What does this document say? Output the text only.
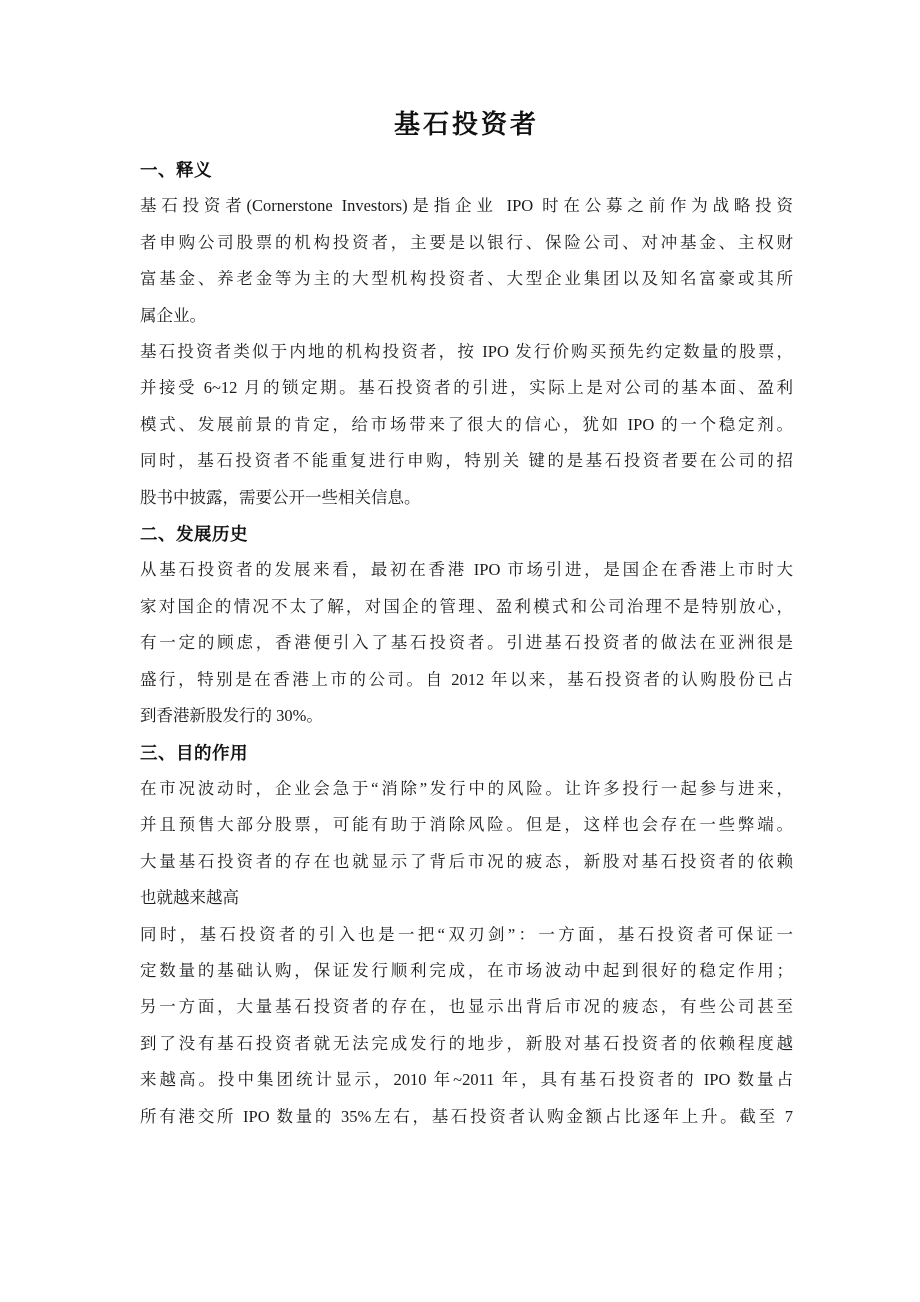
基石投资者
一、释义
基石投资者(Cornerstone Investors)是指企业 IPO 时在公募之前作为战略投资
者申购公司股票的机构投资者，主要是以银行、保险公司、对冲基金、主权财
富基金、养老金等为主的大型机构投资者、大型企业集团以及知名富豪或其所
属企业。
基石投资者类似于内地的机构投资者，按 IPO 发行价购买预先约定数量的股票，
并接受 6~12 月的锁定期。基石投资者的引进，实际上是对公司的基本面、盈利
模式、发展前景的肯定，给市场带来了很大的信心，犹如 IPO 的一个稳定剂。
同时，基石投资者不能重复进行申购，特别关 键的是基石投资者要在公司的招
股书中披露，需要公开一些相关信息。
二、发展历史
从基石投资者的发展来看，最初在香港 IPO 市场引进，是国企在香港上市时大
家对国企的情况不太了解，对国企的管理、盈利模式和公司治理不是特别放心，
有一定的顾虑，香港便引入了基石投资者。引进基石投资者的做法在亚洲很是
盛行，特别是在香港上市的公司。自 2012 年以来，基石投资者的认购股份已占
到香港新股发行的 30%。
三、目的作用
在市况波动时，企业会急于“消除”发行中的风险。让许多投行一起参与进来，
并且预售大部分股票，可能有助于消除风险。但是，这样也会存在一些弊端。
大量基石投资者的存在也就显示了背后市况的疲态，新股对基石投资者的依赖
也就越来越高
同时，基石投资者的引入也是一把“双刃剑”：一方面，基石投资者可保证一
定数量的基础认购，保证发行顺利完成，在市场波动中起到很好的稳定作用；
另一方面，大量基石投资者的存在，也显示出背后市况的疲态，有些公司甚至
到了没有基石投资者就无法完成发行的地步，新股对基石投资者的依赖程度越
来越高。投中集团统计显示，2010 年~2011 年，具有基石投资者的 IPO 数量占
所有港交所 IPO 数量的 35%左右，基石投资者认购金额占比逐年上升。截至 7
